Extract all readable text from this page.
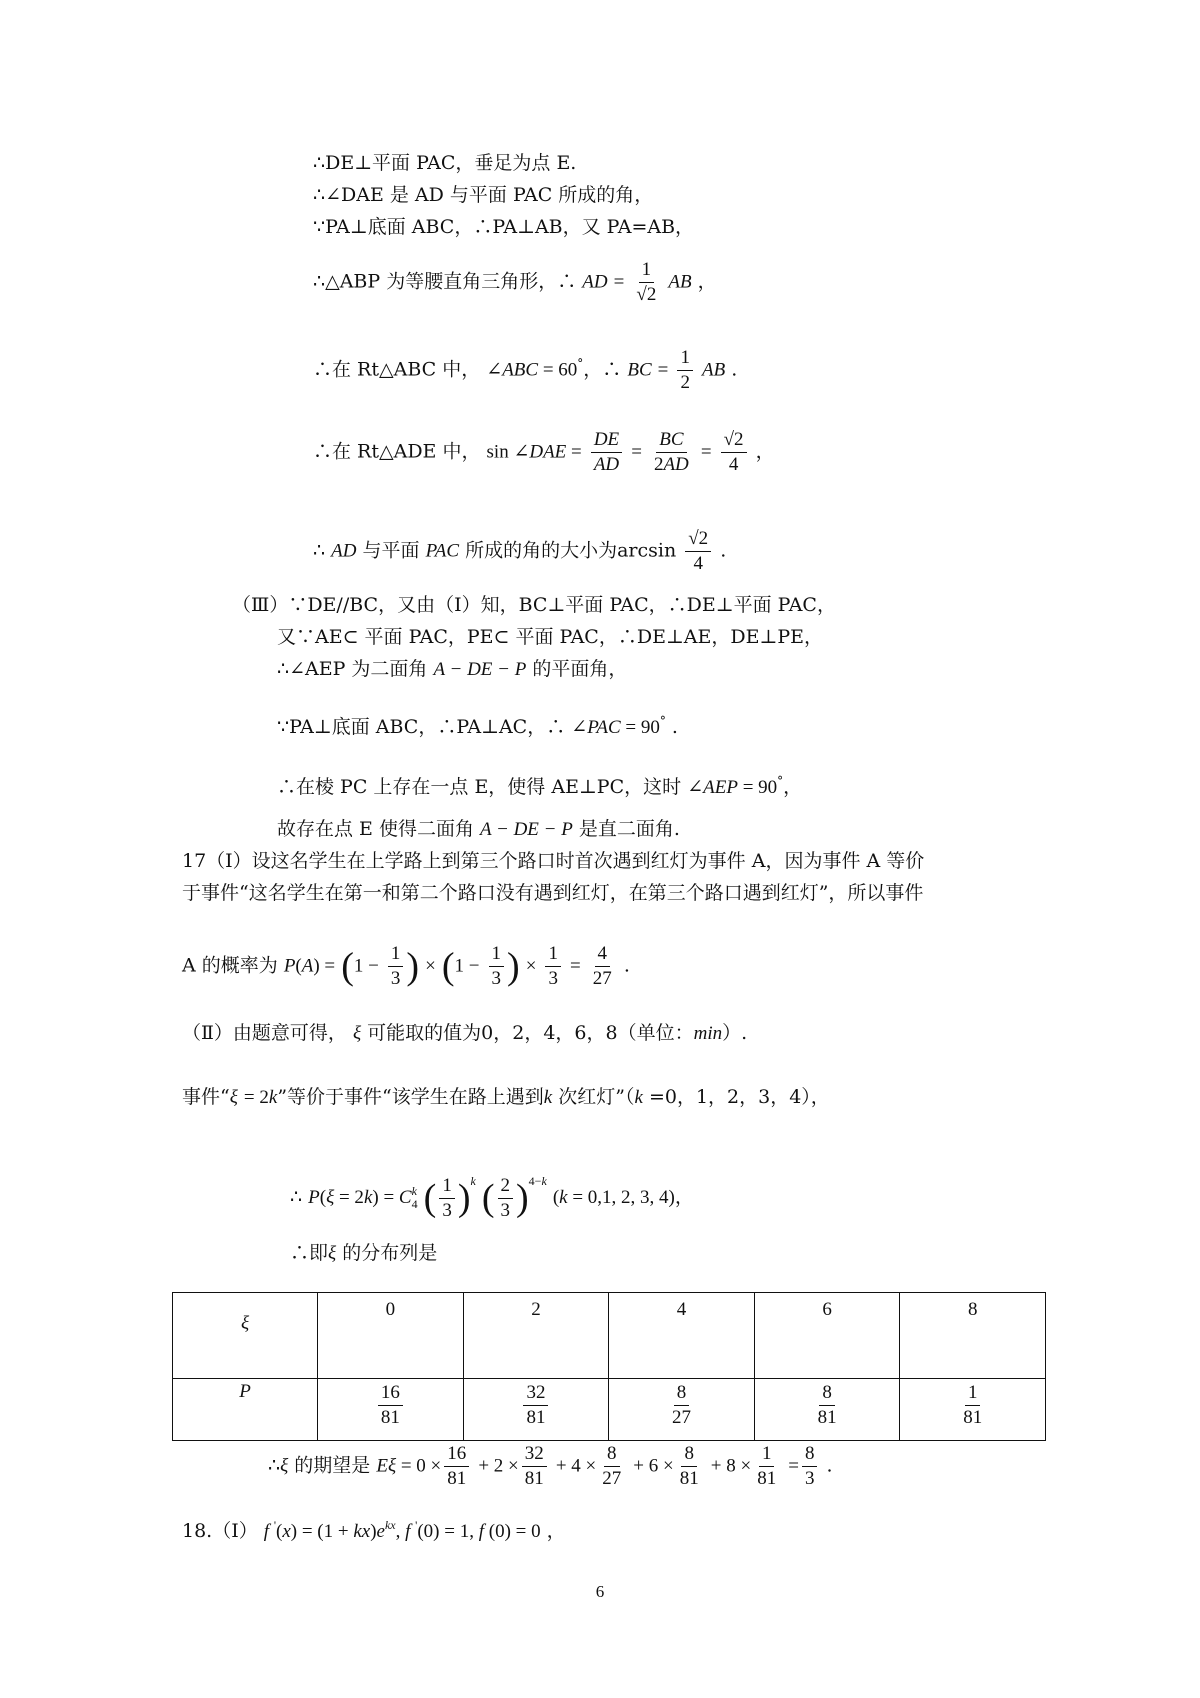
∴DE⊥平面 PAC，垂足为点 E.
∴∠DAE 是 AD 与平面 PAC 所成的角，
∵PA⊥底面 ABC，∴PA⊥AB，又 PA=AB，
∴△ABP 为等腰直角三角形，∴ AD = $\frac{1}{√2}$ AB ，
∴在 Rt△ABC 中， ∠ABC = 60°，∴ BC = $\frac{1}{2}$ AB .
∴在 Rt△ADE 中， sin ∠DAE = $\frac{DE}{AD} = \frac{BC}{2AD} = \frac{√2}{4}$ ，
∴ AD 与平面 PAC 所成的角的大小为$\arcsin \frac{√2}{4}$ .
（Ⅲ）∵DE//BC，又由（Ⅰ）知，BC⊥平面 PAC，∴DE⊥平面 PAC，
又∵AE⊂ 平面 PAC，PE⊂ 平面 PAC，∴DE⊥AE，DE⊥PE，
∴∠AEP 为二面角 A − DE − P 的平面角，
∵PA⊥底面 ABC，∴PA⊥AC，∴ ∠PAC = 90° .
∴在棱 PC 上存在一点 E，使得 AE⊥PC，这时 ∠AEP = 90°，
故存在点 E 使得二面角 A − DE − P 是直二面角.
17（Ⅰ）设这名学生在上学路上到第三个路口时首次遇到红灯为事件 A，因为事件 A 等价
于事件“这名学生在第一和第二个路口没有遇到红灯，在第三个路口遇到红灯”，所以事件
A 的概率为 $P(A) = (1 - \frac{1}{3}$ ) × ($1 - \frac{1}{3}$ ) × $\frac{1}{3} = \frac{4}{27}$ .
（Ⅱ）由题意可得， ξ 可能取的值为0，2，4，6，8（单位：min）.
事件“ξ = 2k”等价于事件“该学生在路上遇到k 次红灯”（k =0，1，2，3，4），
∴ P(ξ = 2k) = C k
4 ( $\frac{1}{3} )^k$ ( $\frac{2}{3} )^{4-k}$ (k = 0,1, 2, 3, 4)，
∴即ξ 的分布列是
ξ	0	2	4	6	8
P	$\frac{16}{81}$	$\frac{32}{81}$	$\frac{8}{27}$	$\frac{8}{81}$	$\frac{1}{81}$
∴ξ 的期望是 $E\xi = 0 \times \frac{16}{81} + 2 \times \frac{32}{81} + 4 \times \frac{8}{27} + 6 \times \frac{8}{81} + 8 \times \frac{1}{81} = \frac{8}{3}$ .
18.（Ⅰ） f $'(x) = (1 + kx)e^{kx}$, f '(0) = 1, f (0) = 0 ，
6
